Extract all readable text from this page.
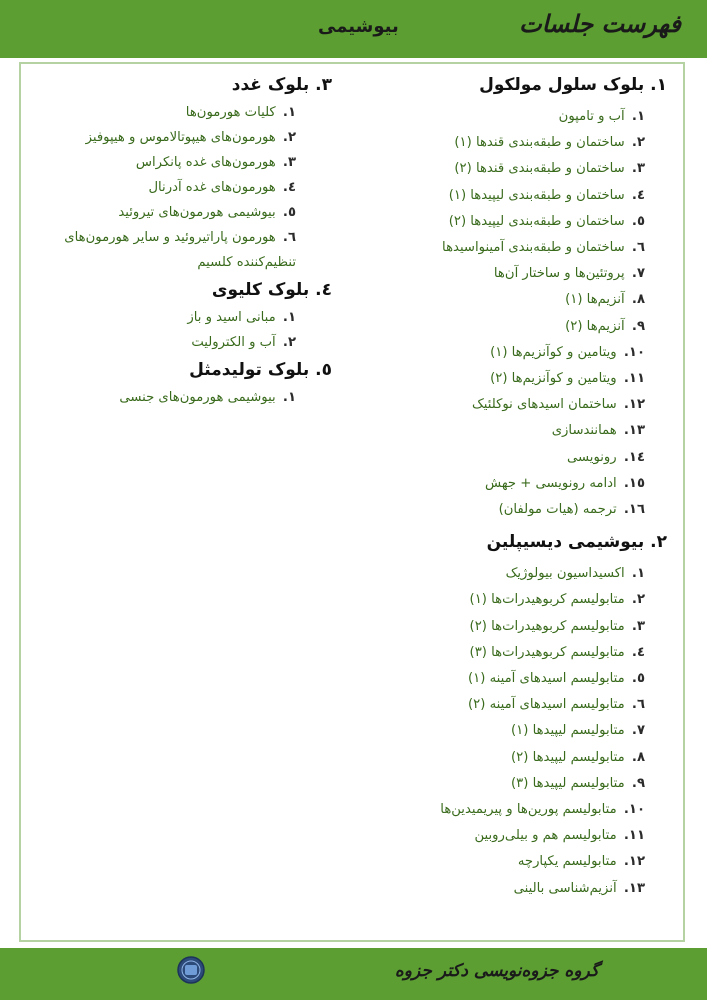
فهرست جلسات
بیوشیمی
۱. بلوک سلول مولکول
۱. آب و تامپون
۲. ساختمان و طبقه‌بندی قندها (۱)
۳. ساختمان و طبقه‌بندی قندها (۲)
٤. ساختمان و طبقه‌بندی لیپیدها (۱)
٥. ساختمان و طبقه‌بندی لیپیدها (۲)
٦. ساختمان و طبقه‌بندی آمینواسیدها
۷. پروتئین‌ها و ساختار آن‌ها
۸. آنزیم‌ها (۱)
۹. آنزیم‌ها (۲)
۱۰. ویتامین و کوآنزیم‌ها (۱)
۱۱. ویتامین و کوآنزیم‌ها (۲)
۱۲. ساختمان اسیدهای نوکلئیک
۱۳. همانندسازی
۱٤. رونویسی
۱٥. ادامه رونویسی + جهش
۱٦. ترجمه (هیات مولفان)
۲. بیوشیمی دیسیپلین
۱. اکسیداسیون بیولوژیک
۲. متابولیسم کربوهیدرات‌ها (۱)
۳. متابولیسم کربوهیدرات‌ها (۲)
٤. متابولیسم کربوهیدرات‌ها (۳)
٥. متابولیسم اسیدهای آمینه (۱)
٦. متابولیسم اسیدهای آمینه (۲)
۷. متابولیسم لیپیدها (۱)
۸. متابولیسم لیپیدها (۲)
۹. متابولیسم لیپیدها (۳)
۱۰. متابولیسم پورین‌ها و پیریمیدین‌ها
۱۱. متابولیسم هم و بیلی‌روبین
۱۲. متابولیسم یکپارچه
۱۳. آنزیم‌شناسی بالینی
۳. بلوک غدد
۱. کلیات هورمون‌ها
۲. هورمون‌های هیپوتالاموس و هیپوفیز
۳. هورمون‌های غده پانکراس
٤. هورمون‌های غده آدرنال
٥. بیوشیمی هورمون‌های تیروئید
٦. هورمون پاراتیروئید و سایر هورمون‌های تنظیم‌کننده کلسیم
٤. بلوک کلیوی
۱. مبانی اسید و باز
۲. آب و الکترولیت
٥. بلوک تولیدمثل
۱. بیوشیمی هورمون‌های جنسی
گروه جزوه‌نویسی دکتر جزوه
